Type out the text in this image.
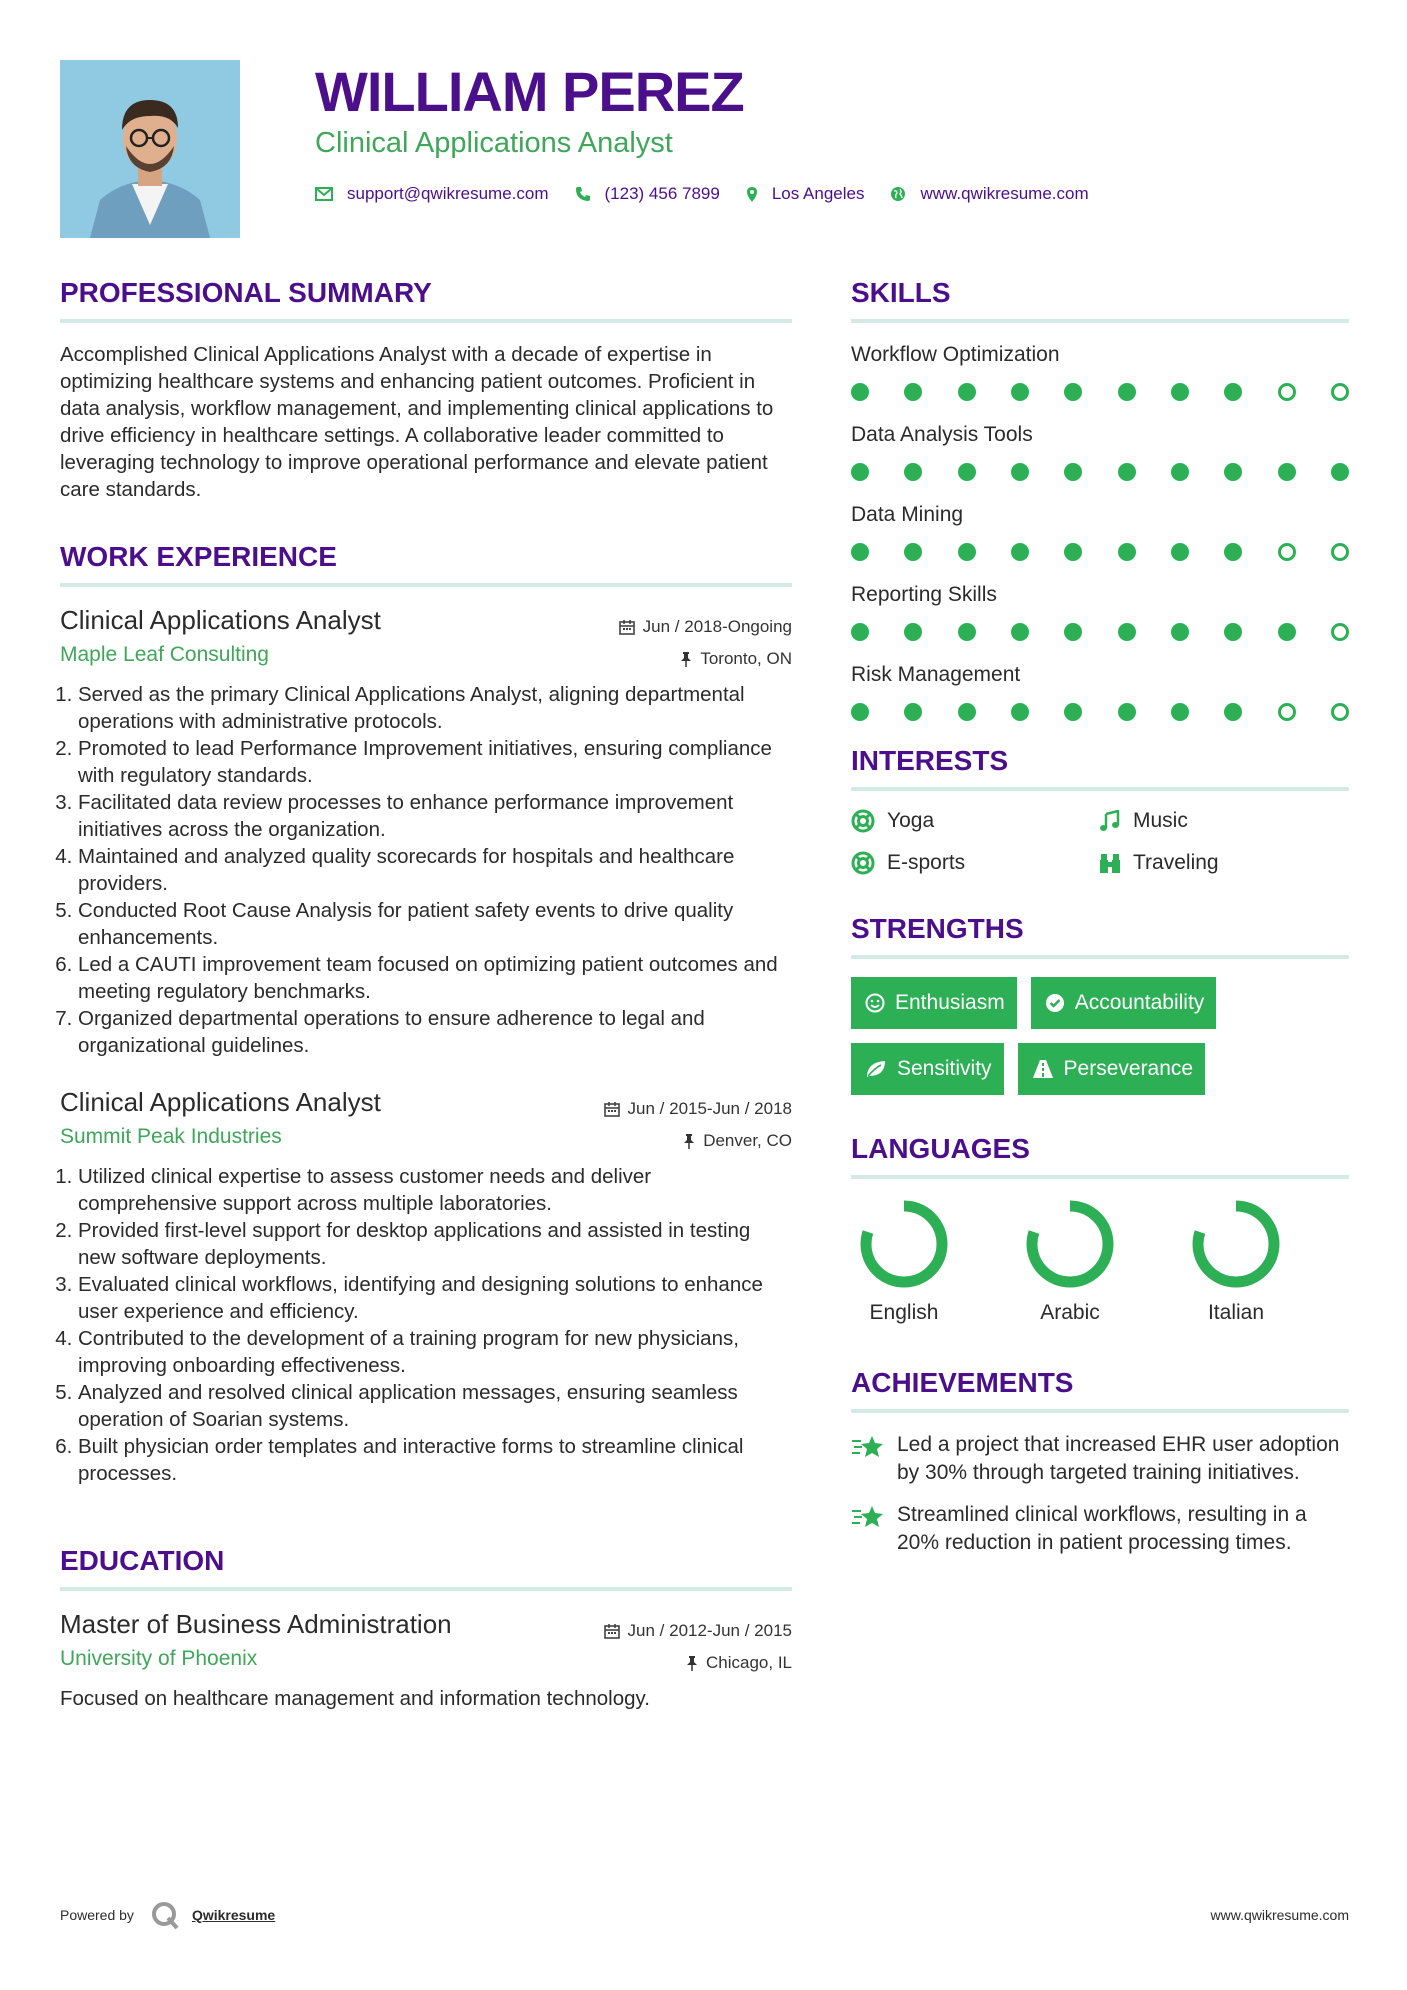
WILLIAM PEREZ
Clinical Applications Analyst
support@qwikresume.com	(123) 456 7899	Los Angeles	www.qwikresume.com
PROFESSIONAL SUMMARY

Accomplished Clinical Applications Analyst with a decade of expertise in optimizing healthcare systems and enhancing patient outcomes. Proficient in data analysis, workflow management, and implementing clinical applications to drive efficiency in healthcare settings. A collaborative leader committed to leveraging technology to improve operational performance and elevate patient care standards.

WORK EXPERIENCE
Clinical Applications Analyst	Jun / 2018-Ongoing
Maple Leaf Consulting	Toronto, ON
1. Served as the primary Clinical Applications Analyst, aligning departmental operations with administrative protocols.
2. Promoted to lead Performance Improvement initiatives, ensuring compliance with regulatory standards.
3. Facilitated data review processes to enhance performance improvement initiatives across the organization.
4. Maintained and analyzed quality scorecards for hospitals and healthcare providers.
5. Conducted Root Cause Analysis for patient safety events to drive quality enhancements.
6. Led a CAUTI improvement team focused on optimizing patient outcomes and meeting regulatory benchmarks.
7. Organized departmental operations to ensure adherence to legal and organizational guidelines.
Clinical Applications Analyst	Jun / 2015-Jun / 2018
Summit Peak Industries	Denver, CO
1. Utilized clinical expertise to assess customer needs and deliver comprehensive support across multiple laboratories.
2. Provided first-level support for desktop applications and assisted in testing new software deployments.
3. Evaluated clinical workflows, identifying and designing solutions to enhance user experience and efficiency.
4. Contributed to the development of a training program for new physicians, improving onboarding effectiveness.
5. Analyzed and resolved clinical application messages, ensuring seamless operation of Soarian systems.
6. Built physician order templates and interactive forms to streamline clinical processes.
EDUCATION
Master of Business Administration	Jun / 2012-Jun / 2015
University of Phoenix	Chicago, IL

Focused on healthcare management and information technology.

SKILLS
Workflow Optimization
Data Analysis Tools
Data Mining
Reporting Skills
Risk Management
INTERESTS
Yoga	Music
E-sports	Traveling
STRENGTHS
Enthusiasm	Accountability
Sensitivity	Perseverance
LANGUAGES
English	Arabic	Italian
ACHIEVEMENTS
Led a project that increased EHR user adoption by 30% through targeted training initiatives.
Streamlined clinical workflows, resulting in a 20% reduction in patient processing times.
Powered by	Qwikresume	www.qwikresume.com
